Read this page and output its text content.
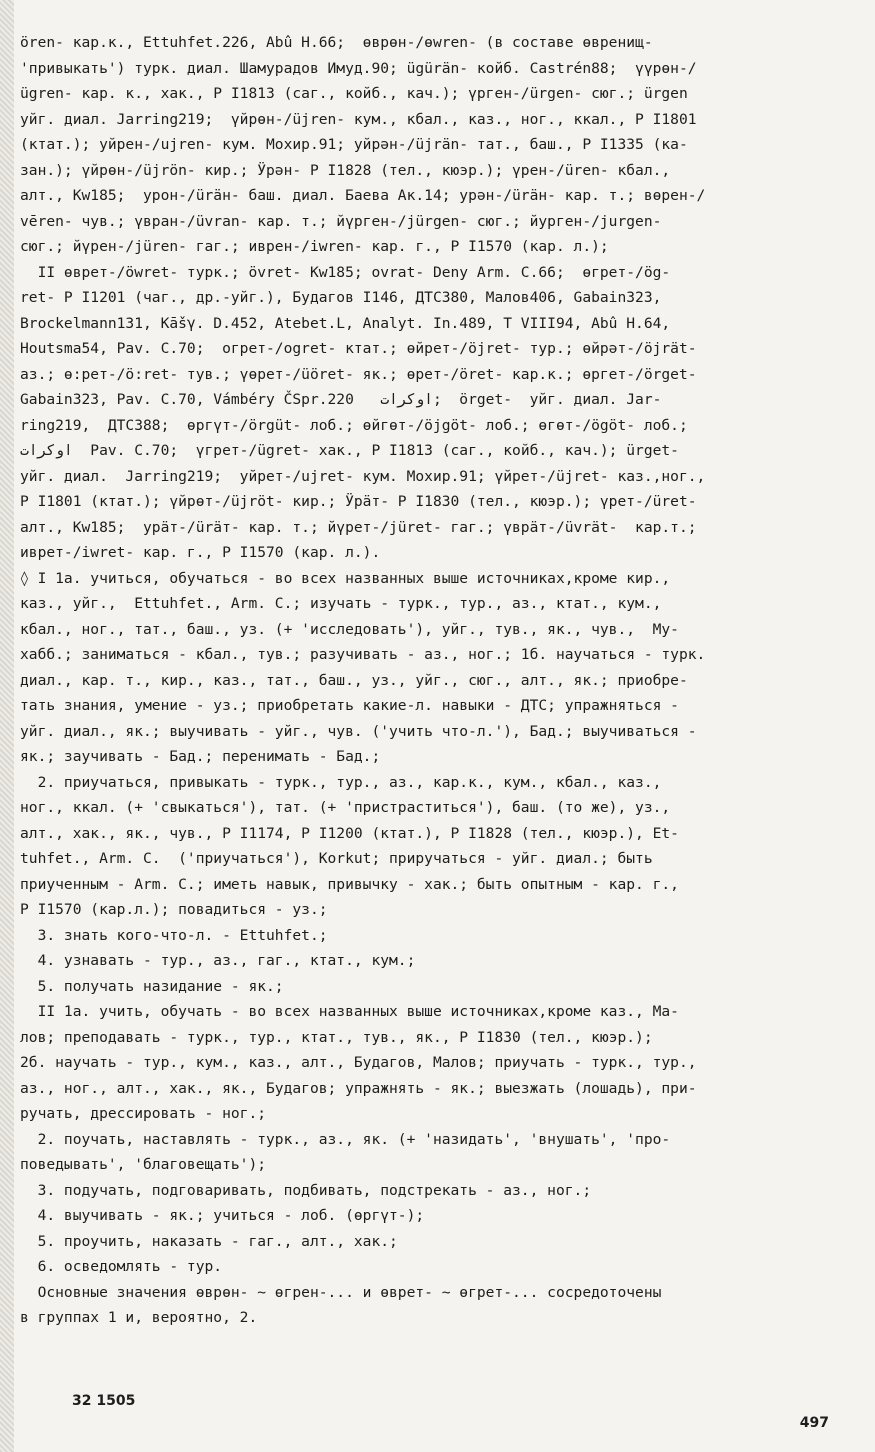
ören- кар.к., Ettuhfet.226, Abû H.66;  өврөн-/өwren- (в составе өвренищ-
'привыкать') турк. диал. Шамурадов Имуд.90; ügürän- койб. Castrén88;  үүрөн-/
ügren- кар. к., хак., Р I1813 (саг., койб., кач.); үрген-/ürgen- сюг.; ürgen
уйг. диал. Jarring219;  үйрөн-/üjren- кум., кбал., каз., ног., ккал., Р I1801
(ктат.); уйрен-/ujren- кум. Мохир.91; уйрән-/üjrän- тат., баш., Р I1335 (ка-
зан.); үйрөн-/üjrön- кир.; Ӱрән- Р I1828 (тел., кюэр.); үрен-/üren- кбал.,
алт., Kw185;  урон-/üräн- баш. диал. Баева Ак.14; урән-/üräн- кар. т.; вөрен-/
vēren- чув.; үвран-/üvrаn- кар. т.; йүрген-/jürgen- сюг.; йурген-/jurgen-
сюг.; йүрен-/jüren- гаг.; иврен-/iwren- кар. г., Р I1570 (кар. л.);
II өврет-/öwret- турк.; övret- Kw185; ovrat- Deny Arm. C.66;  өгрет-/ög-
ret- Р I1201 (чаг., др.-уйг.), Будагов I146, ДТС380, Малов406, Gabain323,
Brockelmann131, Kāšγ. D.452, Atebet.L, Analyt. In.489, Т VIII94, Abû H.64,
Houtsma54, Pav. C.70;  огрет-/ogret- ктат.; өйрет-/öjret- тур.; өйрәт-/öjrät-
аз.; ө:рет-/ö:ret- тув.; үөрет-/üöret- як.; өрет-/öret- кар.к.; өргет-/örget-
Gabain323, Pav. C.70, Vámbéry ČSpr.220   اوكرات;  örget-  уйг. диал. Jar-
ring219,  ДТС388;  өргүт-/örgüt- лоб.; өйгөт-/öjgöt- лоб.; өгөт-/ögöt- лоб.;
اوكرات  Pav. C.70;  үгрет-/ügret- хак., Р I1813 (саг., койб., кач.); ürget-
уйг. диал.  Jarring219;  уйрет-/ujret- кум. Мохир.91; үйрет-/üjret- каз.,ног.,
Р I1801 (ктат.); үйрөт-/üjröt- кир.; Ӱрäт- Р I1830 (тел., кюэр.); үрет-/üret-
алт., Kw185;  урäт-/üräт- кар. т.; йүрет-/jüret- гаг.; үврäт-/üvrät-  кар.т.;
иврет-/iwret- кар. г., Р I1570 (кар. л.).
◊ I 1а. учиться, обучаться - во всех названных выше источниках,кроме кир.,
каз., уйг.,  Ettuhfet., Arm. C.; изучать - турк., тур., аз., ктат., кум.,
кбал., ног., тат., баш., уз. (+ 'исследовать'), уйг., тув., як., чув.,  Му-
хабб.; заниматься - кбал., тув.; разучивать - аз., ног.; 1б. научаться - турк.
диал., кар. т., кир., каз., тат., баш., уз., уйг., сюг., алт., як.; приобре-
тать знания, умение - уз.; приобретать какие-л. навыки - ДТС; упражняться -
уйг. диал., як.; выучивать - уйг., чув. ('учить что-л.'), Бад.; выучиваться -
як.; заучивать - Бад.; перенимать - Бад.;
2. приучаться, привыкать - турк., тур., аз., кар.к., кум., кбал., каз.,
ног., ккал. (+ 'свыкаться'), тат. (+ 'пристраститься'), баш. (то же), уз.,
алт., хак., як., чув., Р I1174, Р I1200 (ктат.), Р I1828 (тел., кюэр.), Et-
tuhfet., Arm. C.  ('приучаться'), Korkut; приручаться - уйг. диал.; быть
приученным - Arm. C.; иметь навык, привычку - хак.; быть опытным - кар. г.,
Р I1570 (кар.л.); повадиться - уз.;
3. знать кого-что-л. - Ettuhfet.;
4. узнавать - тур., аз., гаг., ктат., кум.;
5. получать назидание - як.;
II 1а. учить, обучать - во всех названных выше источниках,кроме каз., Ма-
лов; преподавать - турк., тур., ктат., тув., як., Р I1830 (тел., кюэр.);
2б. научать - тур., кум., каз., алт., Будагов, Малов; приучать - турк., тур.,
аз., ног., алт., хак., як., Будагов; упражнять - як.; выезжать (лошадь), при-
ручать, дрессировать - ног.;
2. поучать, наставлять - турк., аз., як. (+ 'назидать', 'внушать', 'про-
поведывать', 'благовещать');
3. подучать, подговаривать, подбивать, подстрекать - аз., ног.;
4. выучивать - як.; учиться - лоб. (өргүт-);
5. проучить, наказать - гаг., алт., хак.;
6. осведомлять - тур.
Основные значения өврөн- ~ өгрен-... и өврет- ~ өгрет-... сосредоточены
в группах 1 и, вероятно, 2.
32 1505
497
